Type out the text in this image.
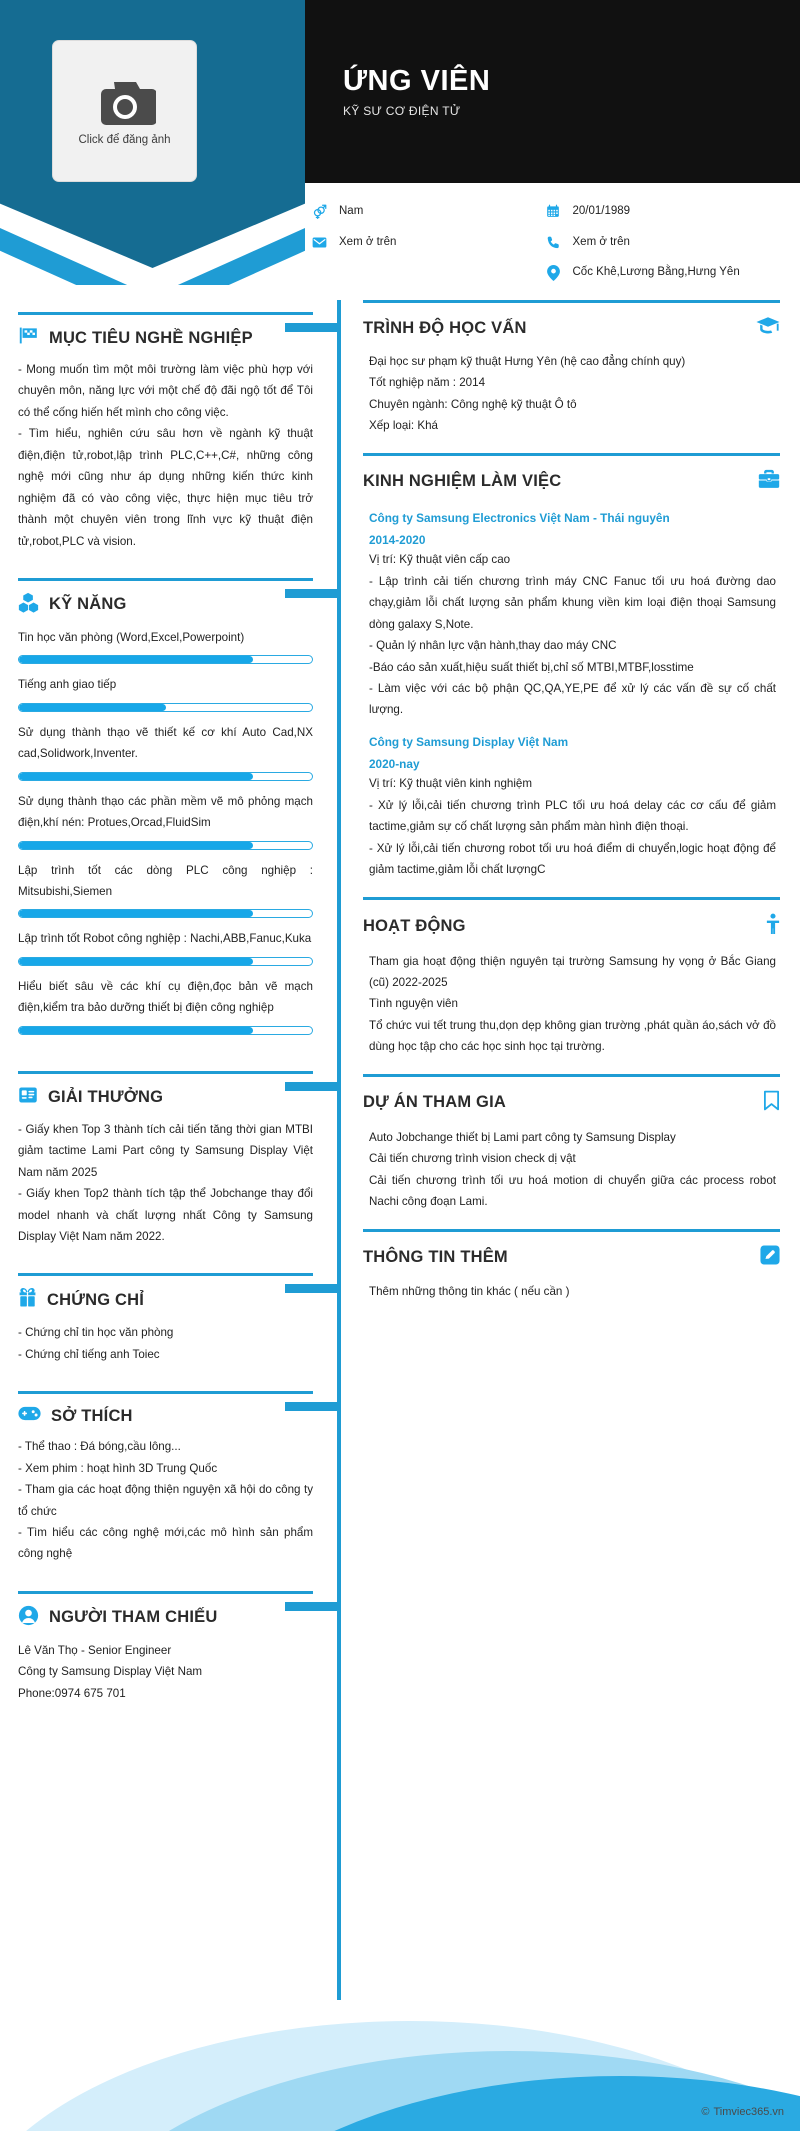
Click để đăng ảnh
ỨNG VIÊN
KỸ SƯ CƠ ĐIỆN TỬ
Nam	20/01/1989
Xem ở trên	Xem ở trên
Cốc Khê,Lương Bằng,Hưng Yên
MỤC TIÊU NGHỀ NGHIỆP

- Mong muốn tìm một môi trường làm việc phù hợp với chuyên môn, năng lực với một chế độ đãi ngộ tốt để Tôi có thể cống hiến hết mình cho công việc.

- Tìm hiểu, nghiên cứu sâu hơn về ngành kỹ thuật điện,điện tử,robot,lập trình PLC,C++,C#, những công nghệ mới cũng như áp dụng những kiến thức kinh nghiệm đã có vào công việc, thực hiện mục tiêu trở thành một chuyên viên trong lĩnh vực kỹ thuật điện tử,robot,PLC và vision.

KỸ NĂNG
Tin học văn phòng (Word,Excel,Powerpoint)
Tiếng anh giao tiếp
Sử dụng thành thạo vẽ thiết kế cơ khí Auto Cad,NX cad,Solidwork,Inventer.
Sử dụng thành thạo các phần mềm vẽ mô phỏng mạch điện,khí nén: Protues,Orcad,FluidSim
Lập trình tốt các dòng PLC công nghiệp : Mitsubishi,Siemen
Lập trình tốt Robot công nghiệp : Nachi,ABB,Fanuc,Kuka
Hiểu biết sâu về các khí cụ điện,đọc bản vẽ mạch điện,kiểm tra bảo dưỡng thiết bị điện công nghiệp
GIẢI THƯỞNG

- Giấy khen Top 3 thành tích cải tiến tăng thời gian MTBI giảm tactime Lami Part công ty Samsung Display Việt Nam năm 2025

- Giấy khen Top2 thành tích tập thể Jobchange thay đổi model nhanh và chất lượng nhất Công ty Samsung Display Việt Nam năm 2022.

CHỨNG CHỈ

- Chứng chỉ tin học văn phòng

- Chứng chỉ tiếng anh Toiec

SỞ THÍCH

- Thể thao : Đá bóng,cầu lông...

- Xem phim : hoạt hình 3D Trung Quốc

- Tham gia các hoạt động thiện nguyện xã hội do công ty tổ chức

- Tìm hiểu các công nghệ mới,các mô hình sản phẩm công nghệ

NGƯỜI THAM CHIẾU

Lê Văn Thọ - Senior Engineer

Công ty Samsung Display Việt Nam

Phone:0974 675 701

TRÌNH ĐỘ HỌC VẤN

Đại học sư phạm kỹ thuật Hưng Yên (hệ cao đẳng chính quy)

Tốt nghiệp năm : 2014

Chuyên ngành: Công nghệ kỹ thuật Ô tô

Xếp loại: Khá

KINH NGHIỆM LÀM VIỆC

Công ty Samsung Electronics Việt Nam - Thái nguyên

2014-2020

Vị trí: Kỹ thuật viên cấp cao

- Lập trình cải tiến chương trình máy CNC Fanuc tối ưu hoá đường dao chạy,giảm lỗi chất lượng sản phẩm khung viền kim loại điện thoại Samsung dòng galaxy S,Note.

- Quản lý nhân lực vận hành,thay dao máy CNC

-Báo cáo sản xuất,hiệu suất thiết bị,chỉ số MTBI,MTBF,losstime

- Làm việc với các bộ phận QC,QA,YE,PE để xử lý các vấn đề sự cố chất lượng.

Công ty Samsung Display Việt Nam

2020-nay

Vị trí: Kỹ thuật viên kinh nghiệm

- Xử lý lỗi,cải tiến chương trình PLC tối ưu hoá delay các cơ cấu để giảm tactime,giảm sự cố chất lượng sản phẩm màn hình điện thoại.

- Xử lý lỗi,cải tiến chương robot tối ưu hoá điểm di chuyển,logic hoạt động để giảm tactime,giảm lỗi chất lượngC

HOẠT ĐỘNG

Tham gia hoạt động thiện nguyên tại trường Samsung hy vọng ở Bắc Giang (cũ) 2022-2025

Tình nguyện viên

Tổ chức vui tết trung thu,dọn dẹp không gian trường ,phát quần áo,sách vở đồ dùng học tập cho các học sinh học tại trường.

DỰ ÁN THAM GIA

Auto Jobchange thiết bị Lami part công ty Samsung Display

Cải tiến chương trình vision check dị vật

Cải tiến chương trình tối ưu hoá motion di chuyển giữa các process robot Nachi công đoạn Lami.

THÔNG TIN THÊM

Thêm những thông tin khác ( nếu cần )

© Timviec365.vn
